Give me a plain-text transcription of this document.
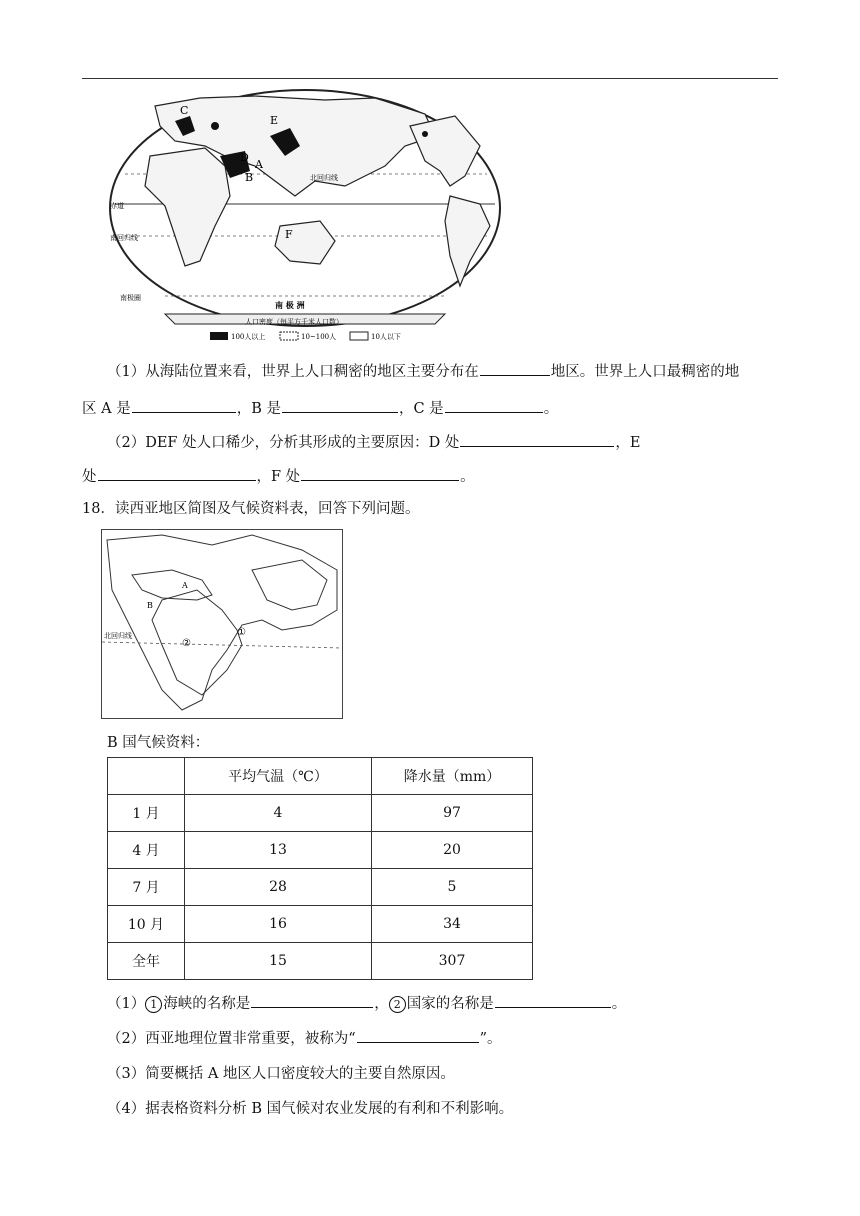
C
E
D
A
B
F
北回归线
赤道
南回归线
南极圈
南 极 洲
人口密度（每平方千米人口数）
100人以上	10~100人	10人以下
（1）从海陆位置来看，世界上人口稠密的地区主要分布在	地区。世界上人口最稠密的地
区 A 是	，B 是	，C 是	。
（2）DEF 处人口稀少，分析其形成的主要原因：D 处	，E
处	，F 处	。
18．读西亚地区简图及气候资料表，回答下列问题。
北回归线	①
②
A
B
B 国气候资料：
	平均气温（℃）	降水量（mm）
1 月	4	97
4 月	13	20
7 月	28	5
10 月	16	34
全年	15	307
（1） 1 海峡的名称是	， 2 国家的名称是	。
（2）西亚地理位置非常重要，被称为“	”。
（3）简要概括 A 地区人口密度较大的主要自然原因。
（4）据表格资料分析 B 国气候对农业发展的有利和不利影响。
